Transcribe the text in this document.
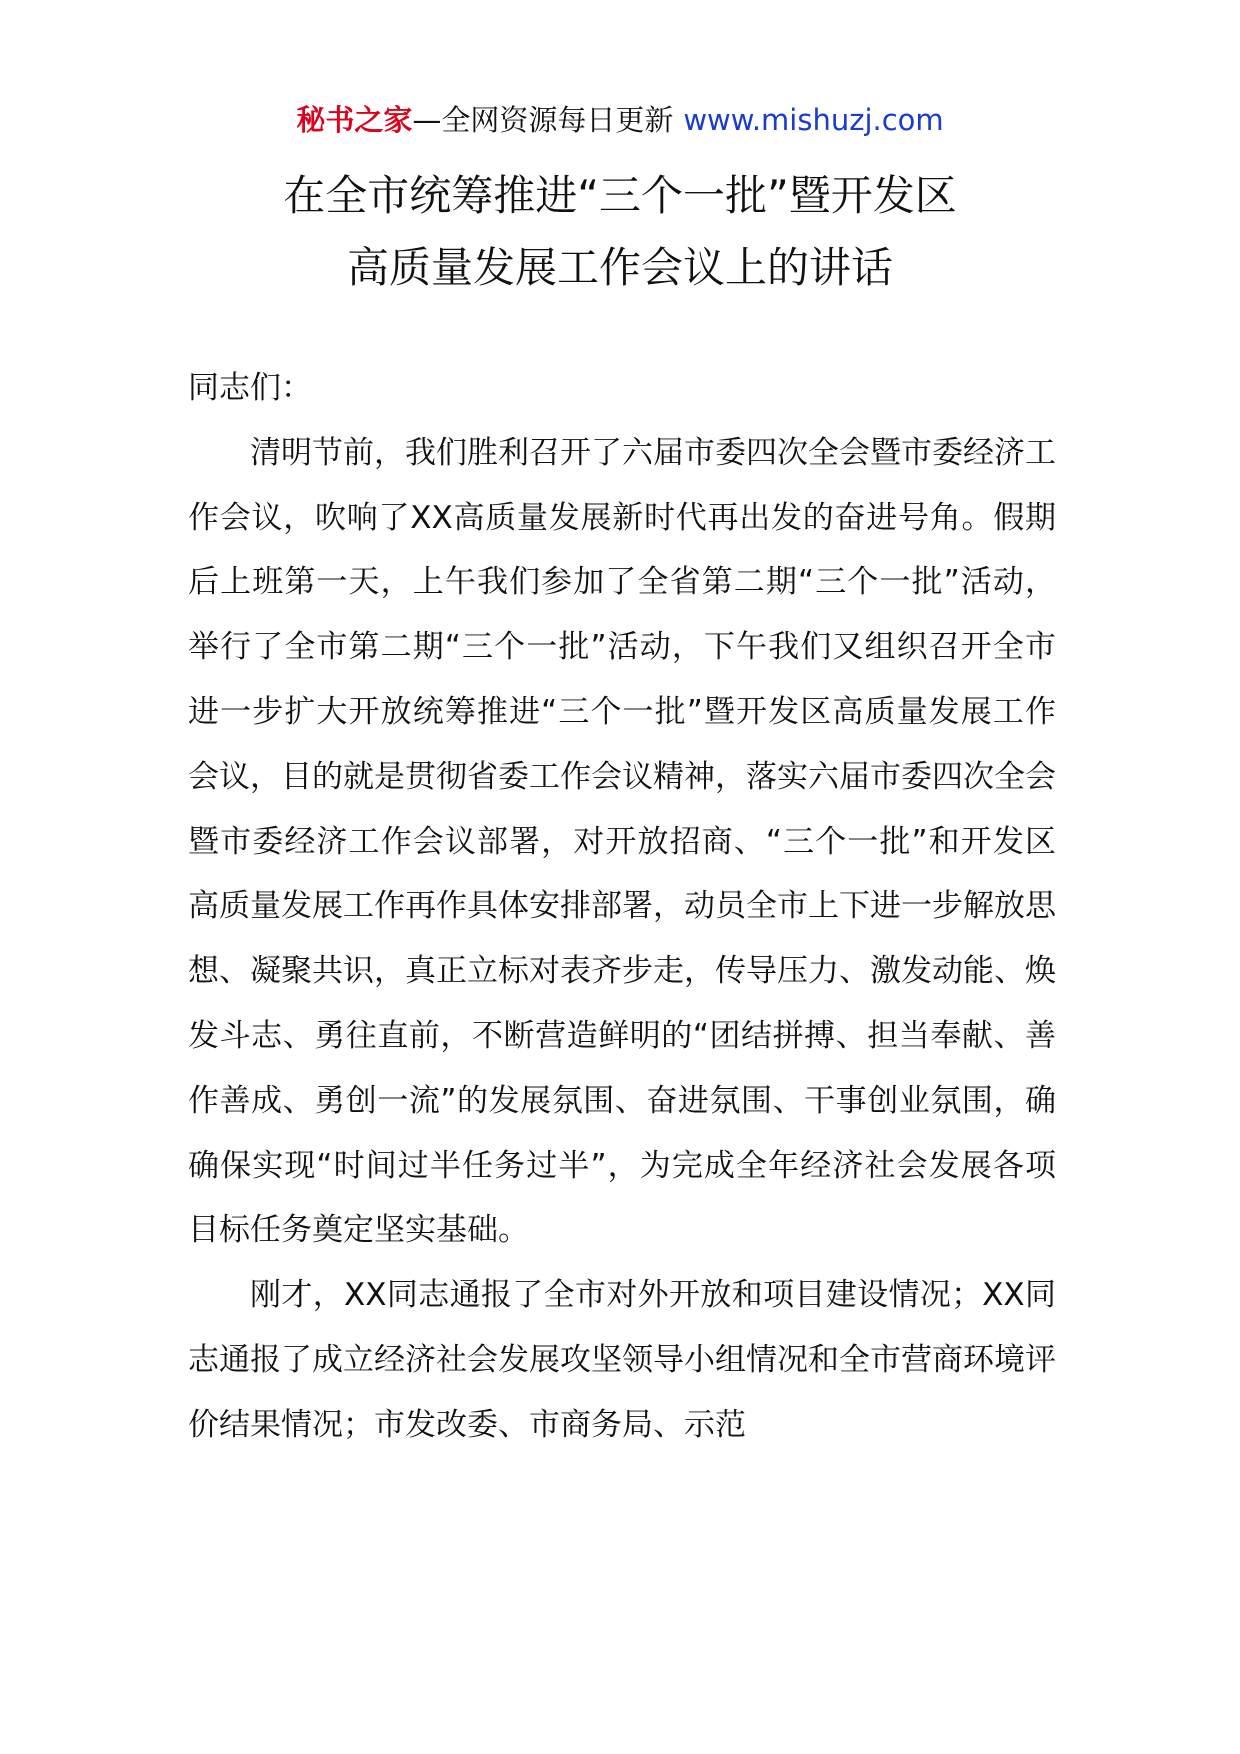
秘书之家—全网资源每日更新 www.mishuzj.com
在全市统筹推进“三个一批”暨开发区
高质量发展工作会议上的讲话

同志们：

清明节前，我们胜利召开了六届市委四次全会暨市委经济工作会议，吹响了XX高质量发展新时代再出发的奋进号角。假期后上班第一天，上午我们参加了全省第二期“三个一批”活动，举行了全市第二期“三个一批”活动，下午我们又组织召开全市进一步扩大开放统筹推进“三个一批”暨开发区高质量发展工作会议，目的就是贯彻省委工作会议精神，落实六届市委四次全会暨市委经济工作会议部署，对开放招商、“三个一批”和开发区高质量发展工作再作具体安排部署，动员全市上下进一步解放思想、凝聚共识，真正立标对表齐步走，传导压力、激发动能、焕发斗志、勇往直前，不断营造鲜明的“团结拼搏、担当奉献、善作善成、勇创一流”的发展氛围、奋进氛围、干事创业氛围，确确保实现“时间过半任务过半”，为完成全年经济社会发展各项目标任务奠定坚实基础。

刚才，XX同志通报了全市对外开放和项目建设情况；XX同志通报了成立经济社会发展攻坚领导小组情况和全市营商环境评价结果情况；市发改委、市商务局、示范
